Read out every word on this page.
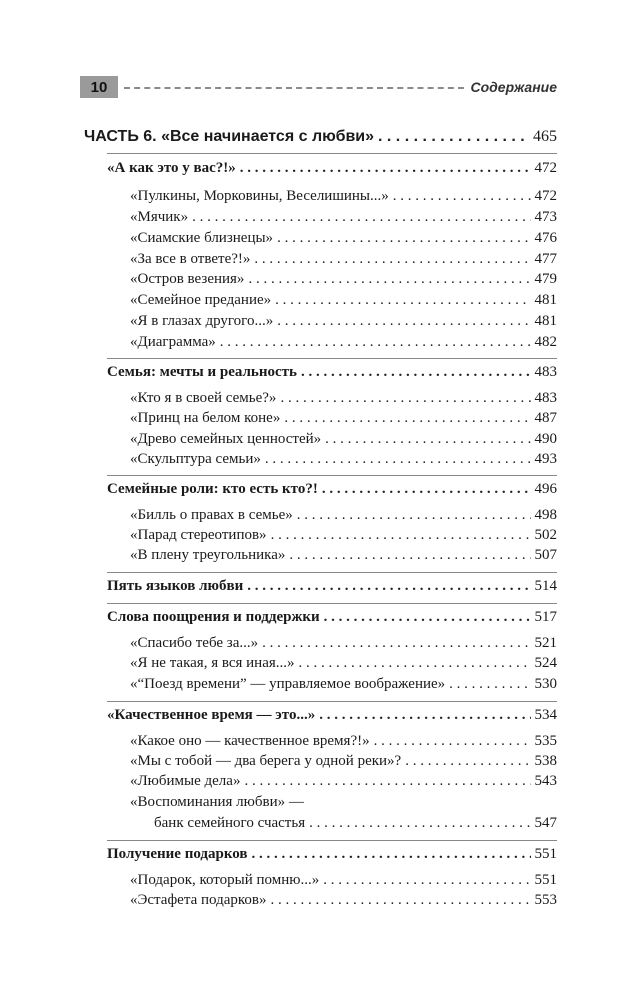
10	Содержание
ЧАСТЬ 6. «Все начинается с любви» . . .	465
«А как это у вас?!» . . .	472
«Пулкины, Морковины, Веселишины...» . . .	472
«Мячик» . . .	473
«Сиамские близнецы» . . .	476
«За все в ответе?!» . . .	477
«Остров везения» . . .	479
«Семейное предание» . . .	481
«Я в глазах другого...» . . .	481
«Диаграмма» . . .	482
Семья: мечты и реальность . . .	483
«Кто я в своей семье?» . . .	483
«Принц на белом коне» . . .	487
«Древо семейных ценностей» . . .	490
«Скульптура семьи» . . .	493
Семейные роли: кто есть кто?! . . .	496
«Билль о правах в семье» . . .	498
«Парад стереотипов» . . .	502
«В плену треугольника» . . .	507
Пять языков любви . . .	514
Слова поощрения и поддержки . . .	517
«Спасибо тебе за...» . . .	521
«Я не такая, я вся иная...» . . .	524
«“Поезд времени” — управляемое воображение» . . .	530
«Качественное время — это...» . . .	534
«Какое оно — качественное время?!» . . .	535
«Мы с тобой — два берега у одной реки»? . . .	538
«Любимые дела» . . .	543
«Воспоминания любви» —
банк семейного счастья . . .	547
Получение подарков . . .	551
«Подарок, который помню...» . . .	551
«Эстафета подарков» . . .	553
